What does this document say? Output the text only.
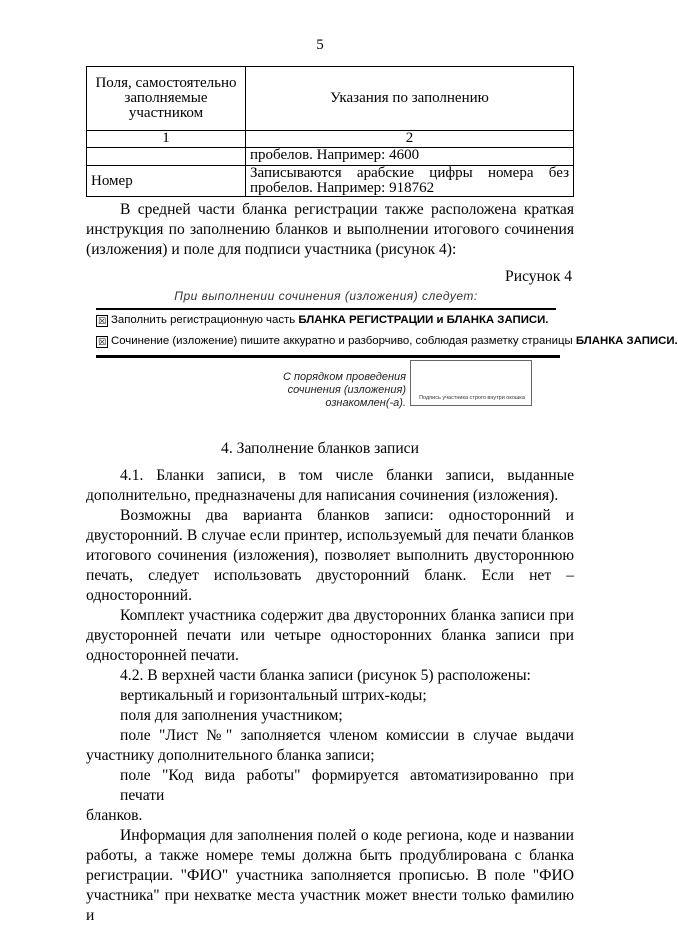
5
Поля, самостоятельно заполняемые участником	Указания по заполнению
1	2
	пробелов. Например: 4600
Номер	Записываются арабские цифры номера без
пробелов. Например: 918762
В средней части бланка регистрации также расположена краткая
инструкция по заполнению бланков и выполнении итогового сочинения
(изложения) и поле для подписи участника (рисунок 4):
Рисунок 4
При выполнении сочинения (изложения) следует:
☒ Заполнить регистрационную часть БЛАНКА РЕГИСТРАЦИИ и БЛАНКА ЗАПИСИ.
☒ Сочинение (изложение) пишите аккуратно и разборчиво, соблюдая разметку страницы БЛАНКА ЗАПИСИ.
С порядком проведения
сочинения (изложения) ознакомлен(-а).	Подпись участника строго внутри окошка
4. Заполнение бланков записи
4.1. Бланки записи, в том числе бланки записи, выданные
дополнительно, предназначены для написания сочинения (изложения).
Возможны два варианта бланков записи: односторонний и
двусторонний. В случае если принтер, используемый для печати бланков
итогового сочинения (изложения), позволяет выполнить двустороннюю
печать, следует использовать двусторонний бланк. Если нет –
односторонний.
Комплект участника содержит два двусторонних бланка записи при
двусторонней печати или четыре односторонних бланка записи при
односторонней печати.
4.2. В верхней части бланка записи (рисунок 5) расположены:
вертикальный и горизонтальный штрих-коды;
поля для заполнения участником;
поле "Лист №" заполняется членом комиссии в случае выдачи
участнику дополнительного бланка записи;
поле "Код вида работы" формируется автоматизированно при печати
бланков.
Информация для заполнения полей о коде региона, коде и названии
работы, а также номере темы должна быть продублирована с бланка
регистрации. "ФИО" участника заполняется прописью. В поле "ФИО
участника" при нехватке места участник может внести только фамилию и
